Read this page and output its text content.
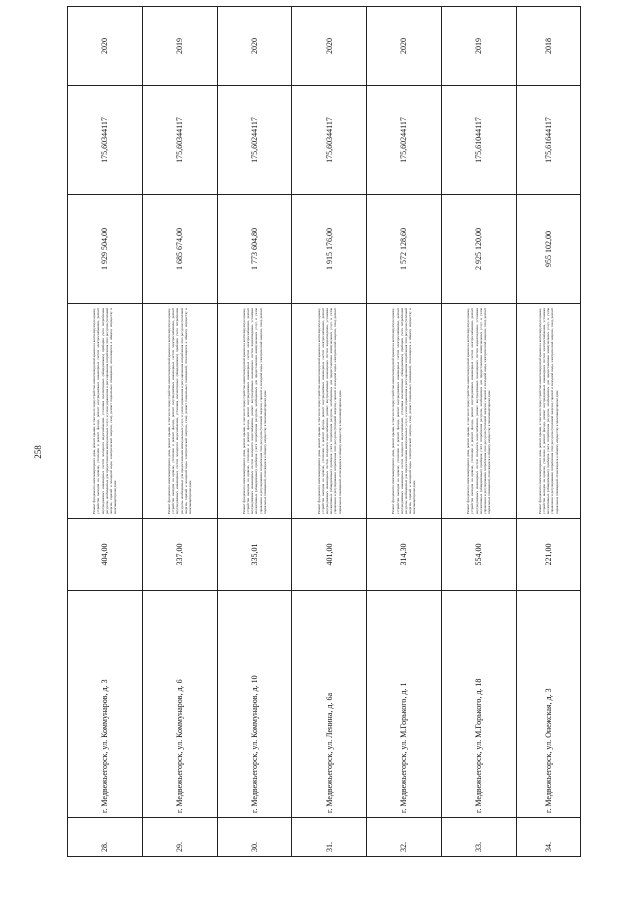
258
28.	г. Медвежьегорск, ул. Коммунаров, д. 3	404,00	Ремонт фундамента многоквартирного дома, ремонт крыши, в том числе переустройство невентилируемой крыши на вентилируемую крышу, устройство выходов на кровлю, утепление и ремонт фасада, ремонт внутридомовых инженерных систем электроснабжения, ремонт внутридомовых инженерных систем холодного водоснабжения, установка коллективных (общедомовых) приборов учета потребления ресурсов, необходимых для предоставления коммунальных услуг, и узлов управления и регулирования потребления этих ресурсов (тепловой энергии, горячей и холодной воды, электрической энергии, газа), ремонт подвальных помещений, относящихся к общему имуществу в многоквартирном доме	1 929 504,00	175,60344117	2020
29.	г. Медвежьегорск, ул. Коммунаров, д. 6	337,00	Ремонт фундамента многоквартирного дома, ремонт крыши, в том числе переустройство невентилируемой крыши на вентилируемую крышу, устройство выходов на кровлю, утепление и ремонт фасада, ремонт внутридомовых инженерных систем электроснабжения, ремонт внутридомовых инженерных систем холодного водоснабжения, установка коллективных (общедомовых) приборов учета потребления ресурсов, необходимых для предоставления коммунальных услуг, и узлов управления и регулирования потребления этих ресурсов (тепловой энергии, горячей и холодной воды, электрической энергии, газа), ремонт подвальных помещений, относящихся к общему имуществу в многоквартирном доме	1 685 674,00	175,60344117	2019
30.	г. Медвежьегорск, ул. Коммунаров, д. 10	335,01	Ремонт фундамента многоквартирного дома, ремонт крыши, в том числе переустройство невентилируемой крыши на вентилируемую крышу, устройство выходов на кровлю, утепление и ремонт фасада, ремонт внутридомовых инженерных систем электроснабжения, ремонт внутридомовых инженерных систем холодного водоснабжения, ремонт внутридомовых инженерных систем водоотведения, установка коллективных (общедомовых) приборов учета потребления ресурсов, необходимых для предоставления коммунальных услуг, и узлов управления и регулирования потребления этих ресурсов (тепловой энергии, горячей и холодной воды, электрической энергии, газа), ремонт подвальных помещений, относящихся к общему имуществу в многоквартирном доме	1 773 604,80	175,60244117	2020
31.	г. Медвежьегорск, ул. Ленина, д. 6а	401,00	Ремонт фундамента многоквартирного дома, ремонт крыши, в том числе переустройство невентилируемой крыши на вентилируемую крышу, устройство выходов на кровлю, утепление и ремонт фасада, ремонт внутридомовых инженерных систем электроснабжения, ремонт внутридомовых инженерных систем холодного водоснабжения, ремонт внутридомовых инженерных систем водоотведения, установка коллективных (общедомовых) приборов учета потребления ресурсов, необходимых для предоставления коммунальных услуг, и узлов управления и регулирования потребления этих ресурсов (тепловой энергии, горячей и холодной воды, электрической энергии, газа), ремонт подвальных помещений, относящихся к общему имуществу в многоквартирном доме	1 915 176,00	175,60344117	2020
32.	г. Медвежьегорск, ул. М.Горького, д. 1	314,30	Ремонт фундамента многоквартирного дома, ремонт крыши, в том числе переустройство невентилируемой крыши на вентилируемую крышу, устройство выходов на кровлю, утепление и ремонт фасада, ремонт внутридомовых инженерных систем электроснабжения, ремонт внутридомовых инженерных систем холодного водоснабжения, установка коллективных (общедомовых) приборов учета потребления ресурсов, необходимых для предоставления коммунальных услуг, и узлов управления и регулирования потребления этих ресурсов (тепловой энергии, горячей и холодной воды, электрической энергии, газа), ремонт подвальных помещений, относящихся к общему имуществу в многоквартирном доме	1 572 128,60	175,60244117	2020
33.	г. Медвежьегорск, ул. М.Горького, д. 18	554,00	Ремонт фундамента многоквартирного дома, ремонт крыши, в том числе переустройство невентилируемой крыши на вентилируемую крышу, устройство выходов на кровлю, утепление и ремонт фасада, ремонт внутридомовых инженерных систем электроснабжения, ремонт внутридомовых инженерных систем холодного водоснабжения, ремонт внутридомовых инженерных систем водоотведения, установка коллективных (общедомовых) приборов учета потребления ресурсов, необходимых для предоставления коммунальных услуг, и узлов управления и регулирования потребления этих ресурсов (тепловой энергии, горячей и холодной воды, электрической энергии, газа), ремонт подвальных помещений, относящихся к общему имуществу в многоквартирном доме	2 925 120,00	175,61044117	2019
34.	г. Медвежьегорск, ул. Онежская, д. 3	221,00	Ремонт фундамента многоквартирного дома, ремонт крыши, в том числе переустройство невентилируемой крыши на вентилируемую крышу, устройство выходов на кровлю, утепление и ремонт фасада, ремонт внутридомовых инженерных систем электроснабжения, установка коллективных (общедомовых) приборов учета потребления ресурсов, необходимых для предоставления коммунальных услуг, и узлов управления и регулирования потребления этих ресурсов (тепловой энергии, горячей и холодной воды, электрической энергии, газа), ремонт подвальных помещений, относящихся к общему имуществу в многоквартирном доме	955 102,00	175,61644117	2018
